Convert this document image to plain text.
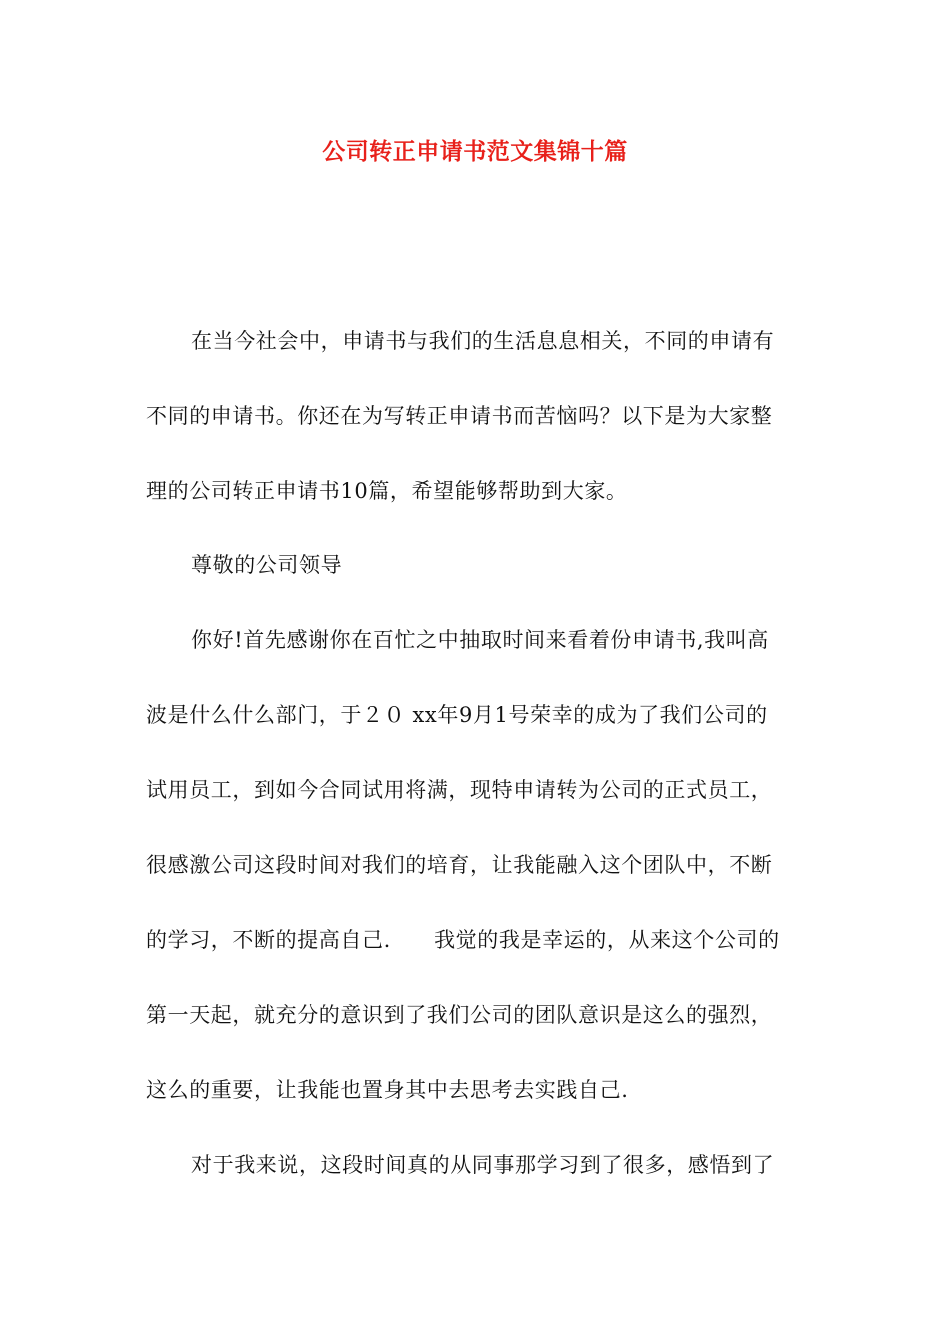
公司转正申请书范文集锦十篇
在当今社会中，申请书与我们的生活息息相关，不同的申请有
不同的申请书。你还在为写转正申请书而苦恼吗？以下是为大家整
理的公司转正申请书10篇，希望能够帮助到大家。
尊敬的公司领导
你好!首先感谢你在百忙之中抽取时间来看着份申请书,我叫高
波是什么什么部门，于２０ xx年9月1号荣幸的成为了我们公司的
试用员工，到如今合同试用将满，现特申请转为公司的正式员工，
很感激公司这段时间对我们的培育，让我能融入这个团队中，不断
的学习，不断的提高自己.　　我觉的我是幸运的，从来这个公司的
第一天起，就充分的意识到了我们公司的团队意识是这么的强烈，
这么的重要，让我能也置身其中去思考去实践自己.
对于我来说，这段时间真的从同事那学习到了很多，感悟到了
